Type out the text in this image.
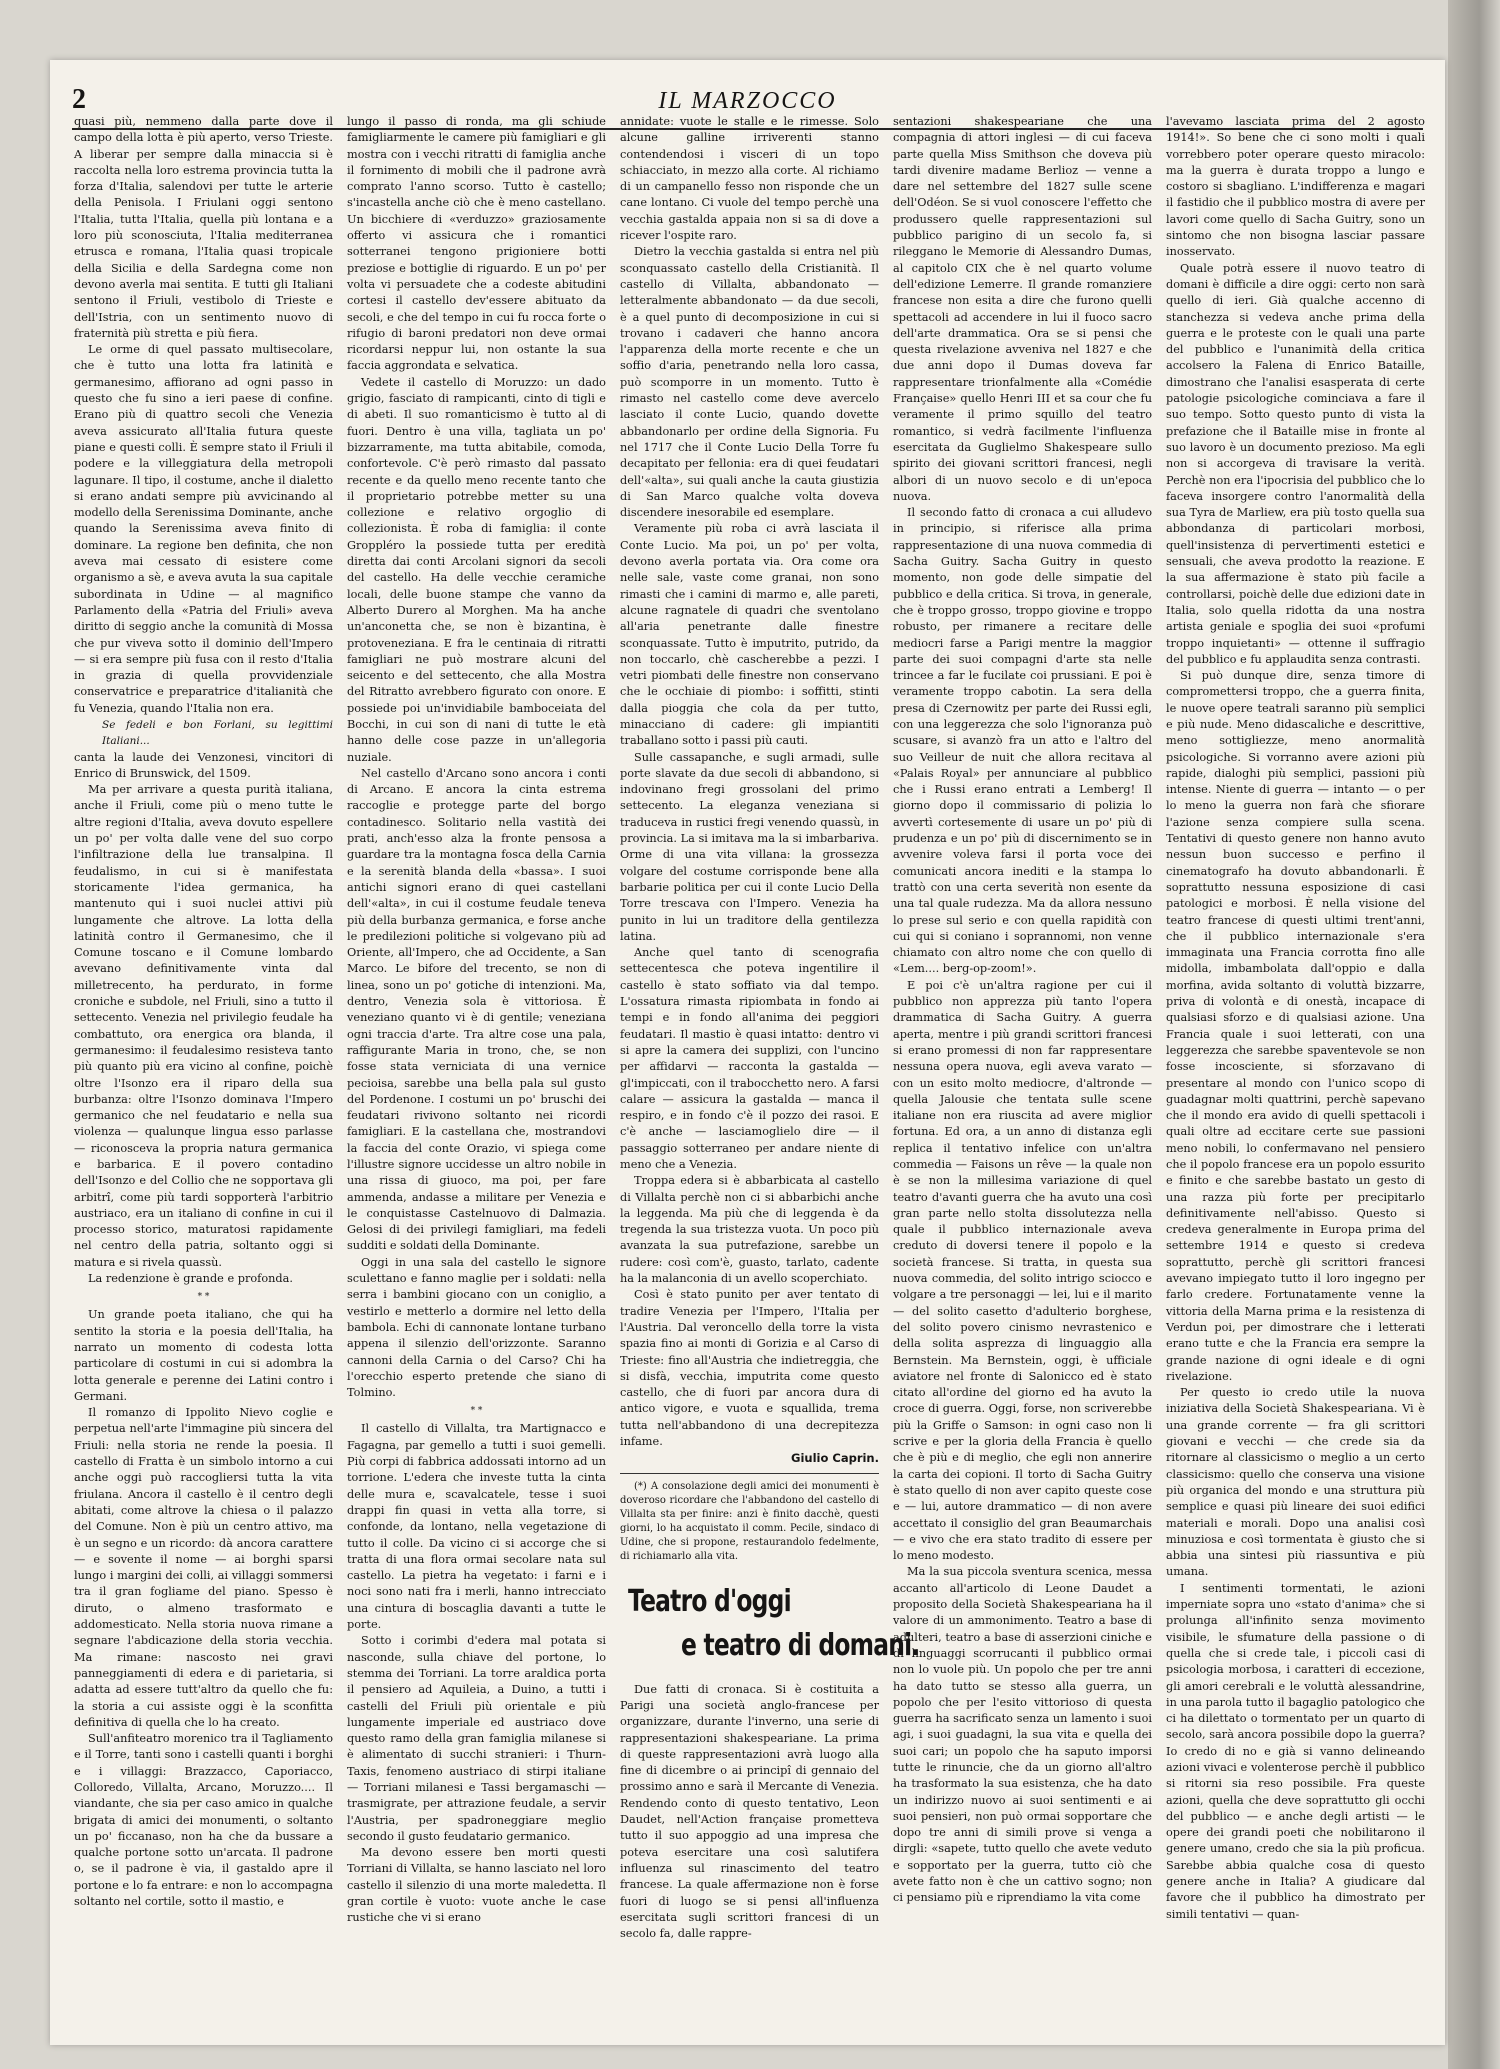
2	IL MARZOCCO

quasi più, nemmeno dalla parte dove il campo della lotta è più aperto, verso Trieste. A liberar per sempre dalla minaccia si è raccolta nella loro estrema provincia tutta la forza d'Italia, salendovi per tutte le arterie della Penisola. I Friulani oggi sentono l'Italia, tutta l'Italia, quella più lontana e a loro più sconosciuta, l'Italia mediterranea etrusca e romana, l'Italia quasi tropicale della Sicilia e della Sardegna come non devono averla mai sentita. E tutti gli Italiani sentono il Friuli, vestibolo di Trieste e dell'Istria, con un sentimento nuovo di fraternità più stretta e più fiera.

Le orme di quel passato multisecolare, che è tutto una lotta fra latinità e germanesimo, affiorano ad ogni passo in questo che fu sino a ieri paese di confine. Erano più di quattro secoli che Venezia aveva assicurato all'Italia futura queste piane e questi colli. È sempre stato il Friuli il podere e la villeggiatura della metropoli lagunare. Il tipo, il costume, anche il dialetto si erano andati sempre più avvicinando al modello della Serenissima Dominante, anche quando la Serenissima aveva finito di dominare. La regione ben definita, che non aveva mai cessato di esistere come organismo a sè, e aveva avuta la sua capitale subordinata in Udine — al magnifico Parlamento della «Patria del Friuli» aveva diritto di seggio anche la comunità di Mossa che pur viveva sotto il dominio dell'Impero — si era sempre più fusa con il resto d'Italia in grazia di quella provvidenziale conservatrice e preparatrice d'italianità che fu Venezia, quando l'Italia non era.

Se fedeli e bon Forlani, su legittimi Italiani...

canta la laude dei Venzonesi, vincitori di Enrico di Brunswick, del 1509.

Ma per arrivare a questa purità italiana, anche il Friuli, come più o meno tutte le altre regioni d'Italia, aveva dovuto espellere un po' per volta dalle vene del suo corpo l'infiltrazione della lue transalpina. Il feudalismo, in cui si è manifestata storicamente l'idea germanica, ha mantenuto qui i suoi nuclei attivi più lungamente che altrove. La lotta della latinità contro il Germanesimo, che il Comune toscano e il Comune lombardo avevano definitivamente vinta dal milletrecento, ha perdurato, in forme croniche e subdole, nel Friuli, sino a tutto il settecento. Venezia nel privilegio feudale ha combattuto, ora energica ora blanda, il germanesimo: il feudalesimo resisteva tanto più quanto più era vicino al confine, poichè oltre l'Isonzo era il riparo della sua burbanza: oltre l'Isonzo dominava l'Impero germanico che nel feudatario e nella sua violenza — qualunque lingua esso parlasse — riconosceva la propria natura germanica e barbarica. E il povero contadino dell'Isonzo e del Collio che ne sopportava gli arbitrî, come più tardi sopporterà l'arbitrio austriaco, era un italiano di confine in cui il processo storico, maturatosi rapidamente nel centro della patria, soltanto oggi si matura e si rivela quassù.

La redenzione è grande e profonda.

* *

Un grande poeta italiano, che qui ha sentito la storia e la poesia dell'Italia, ha narrato un momento di codesta lotta particolare di costumi in cui si adombra la lotta generale e perenne dei Latini contro i Germani.

Il romanzo di Ippolito Nievo coglie e perpetua nell'arte l'immagine più sincera del Friuli: nella storia ne rende la poesia. Il castello di Fratta è un simbolo intorno a cui anche oggi può raccogliersi tutta la vita friulana. Ancora il castello è il centro degli abitati, come altrove la chiesa o il palazzo del Comune. Non è più un centro attivo, ma è un segno e un ricordo: dà ancora carattere — e sovente il nome — ai borghi sparsi lungo i margini dei colli, ai villaggi sommersi tra il gran fogliame del piano. Spesso è diruto, o almeno trasformato e addomesticato. Nella storia nuova rimane a segnare l'abdicazione della storia vecchia. Ma rimane: nascosto nei gravi panneggiamenti di edera e di parietaria, si adatta ad essere tutt'altro da quello che fu: la storia a cui assiste oggi è la sconfitta definitiva di quella che lo ha creato.

Sull'anfiteatro morenico tra il Tagliamento e il Torre, tanti sono i castelli quanti i borghi e i villaggi: Brazzacco, Caporiacco, Colloredo, Villalta, Arcano, Moruzzo.... Il viandante, che sia per caso amico in qualche brigata di amici dei monumenti, o soltanto un po' ficcanaso, non ha che da bussare a qualche portone sotto un'arcata. Il padrone o, se il padrone è via, il gastaldo apre il portone e lo fa entrare: e non lo accompagna soltanto nel cortile, sotto il mastio, e

lungo il passo di ronda, ma gli schiude famigliarmente le camere più famigliari e gli mostra con i vecchi ritratti di famiglia anche il fornimento di mobili che il padrone avrà comprato l'anno scorso. Tutto è castello; s'incastella anche ciò che è meno castellano. Un bicchiere di «verduzzo» graziosamente offerto vi assicura che i romantici sotterranei tengono prigioniere botti preziose e bottiglie di riguardo. E un po' per volta vi persuadete che a codeste abitudini cortesi il castello dev'essere abituato da secoli, e che del tempo in cui fu rocca forte o rifugio di baroni predatori non deve ormai ricordarsi neppur lui, non ostante la sua faccia aggrondata e selvatica.

Vedete il castello di Moruzzo: un dado grigio, fasciato di rampicanti, cinto di tigli e di abeti. Il suo romanticismo è tutto al di fuori. Dentro è una villa, tagliata un po' bizzarramente, ma tutta abitabile, comoda, confortevole. C'è però rimasto dal passato recente e da quello meno recente tanto che il proprietario potrebbe metter su una collezione e relativo orgoglio di collezionista. È roba di famiglia: il conte Groppléro la possiede tutta per eredità diretta dai conti Arcolani signori da secoli del castello. Ha delle vecchie ceramiche locali, delle buone stampe che vanno da Alberto Durero al Morghen. Ma ha anche un'anconetta che, se non è bizantina, è protoveneziana. E fra le centinaia di ritratti famigliari ne può mostrare alcuni del seicento e del settecento, che alla Mostra del Ritratto avrebbero figurato con onore. E possiede poi un'invidiabile bamboceiata del Bocchi, in cui son di nani di tutte le età hanno delle cose pazze in un'allegoria nuziale.

Nel castello d'Arcano sono ancora i conti di Arcano. E ancora la cinta estrema raccoglie e protegge parte del borgo contadinesco. Solitario nella vastità dei prati, anch'esso alza la fronte pensosa a guardare tra la montagna fosca della Carnia e la serenità blanda della «bassa». I suoi antichi signori erano di quei castellani dell'«alta», in cui il costume feudale teneva più della burbanza germanica, e forse anche le predilezioni politiche si volgevano più ad Oriente, all'Impero, che ad Occidente, a San Marco. Le bifore del trecento, se non di linea, sono un po' gotiche di intenzioni. Ma, dentro, Venezia sola è vittoriosa. È veneziano quanto vi è di gentile; veneziana ogni traccia d'arte. Tra altre cose una pala, raffigurante Maria in trono, che, se non fosse stata verniciata di una vernice pecioisa, sarebbe una bella pala sul gusto del Pordenone. I costumi un po' bruschi dei feudatari rivivono soltanto nei ricordi famigliari. E la castellana che, mostrandovi la faccia del conte Orazio, vi spiega come l'illustre signore uccidesse un altro nobile in una rissa di giuoco, ma poi, per fare ammenda, andasse a militare per Venezia e le conquistasse Castelnuovo di Dalmazia. Gelosi di dei privilegi famigliari, ma fedeli sudditi e soldati della Dominante.

Oggi in una sala del castello le signore sculettano e fanno maglie per i soldati: nella serra i bambini giocano con un coniglio, a vestirlo e metterlo a dormire nel letto della bambola. Echi di cannonate lontane turbano appena il silenzio dell'orizzonte. Saranno cannoni della Carnia o del Carso? Chi ha l'orecchio esperto pretende che siano di Tolmino.

* *

Il castello di Villalta, tra Martignacco e Fagagna, par gemello a tutti i suoi gemelli. Più corpi di fabbrica addossati intorno ad un torrione. L'edera che investe tutta la cinta delle mura e, scavalcatele, tesse i suoi drappi fin quasi in vetta alla torre, si confonde, da lontano, nella vegetazione di tutto il colle. Da vicino ci si accorge che si tratta di una flora ormai secolare nata sul castello. La pietra ha vegetato: i farni e i noci sono nati fra i merli, hanno intrecciato una cintura di boscaglia davanti a tutte le porte.

Sotto i corimbi d'edera mal potata si nasconde, sulla chiave del portone, lo stemma dei Torriani. La torre araldica porta il pensiero ad Aquileia, a Duino, a tutti i castelli del Friuli più orientale e più lungamente imperiale ed austriaco dove questo ramo della gran famiglia milanese si è alimentato di succhi stranieri: i Thurn-Taxis, fenomeno austriaco di stirpi italiane — Torriani milanesi e Tassi bergamaschi — trasmigrate, per attrazione feudale, a servir l'Austria, per spadroneggiare meglio secondo il gusto feudatario germanico.

Ma devono essere ben morti questi Torriani di Villalta, se hanno lasciato nel loro castello il silenzio di una morte maledetta. Il gran cortile è vuoto: vuote anche le case rustiche che vi si erano

annidate: vuote le stalle e le rimesse. Solo alcune galline irriverenti stanno contendendosi i visceri di un topo schiacciato, in mezzo alla corte. Al richiamo di un campanello fesso non risponde che un cane lontano. Ci vuole del tempo perchè una vecchia gastalda appaia non si sa di dove a ricever l'ospite raro.

Dietro la vecchia gastalda si entra nel più sconquassato castello della Cristianità. Il castello di Villalta, abbandonato — letteralmente abbandonato — da due secoli, è a quel punto di decomposizione in cui si trovano i cadaveri che hanno ancora l'apparenza della morte recente e che un soffio d'aria, penetrando nella loro cassa, può scomporre in un momento. Tutto è rimasto nel castello come deve avercelo lasciato il conte Lucio, quando dovette abbandonarlo per ordine della Signoria. Fu nel 1717 che il Conte Lucio Della Torre fu decapitato per fellonia: era di quei feudatari dell'«alta», sui quali anche la cauta giustizia di San Marco qualche volta doveva discendere inesorabile ed esemplare.

Veramente più roba ci avrà lasciata il Conte Lucio. Ma poi, un po' per volta, devono averla portata via. Ora come ora nelle sale, vaste come granai, non sono rimasti che i camini di marmo e, alle pareti, alcune ragnatele di quadri che sventolano all'aria penetrante dalle finestre sconquassate. Tutto è imputrito, putrido, da non toccarlo, chè cascherebbe a pezzi. I vetri piombati delle finestre non conservano che le occhiaie di piombo: i soffitti, stinti dalla pioggia che cola da per tutto, minacciano di cadere: gli impiantiti traballano sotto i passi più cauti.

Sulle cassapanche, e sugli armadi, sulle porte slavate da due secoli di abbandono, si indovinano fregi grossolani del primo settecento. La eleganza veneziana si traduceva in rustici fregi venendo quassù, in provincia. La si imitava ma la si imbarbariva. Orme di una vita villana: la grossezza volgare del costume corrisponde bene alla barbarie politica per cui il conte Lucio Della Torre trescava con l'Impero. Venezia ha punito in lui un traditore della gentilezza latina.

Anche quel tanto di scenografia settecentesca che poteva ingentilire il castello è stato soffiato via dal tempo. L'ossatura rimasta ripiombata in fondo ai tempi e in fondo all'anima dei peggiori feudatari. Il mastio è quasi intatto: dentro vi si apre la camera dei supplizi, con l'uncino per affidarvi — racconta la gastalda — gl'impiccati, con il trabocchetto nero. A farsi calare — assicura la gastalda — manca il respiro, e in fondo c'è il pozzo dei rasoi. E c'è anche — lasciamoglielo dire — il passaggio sotterraneo per andare niente di meno che a Venezia.

Troppa edera si è abbarbicata al castello di Villalta perchè non ci si abbarbichi anche la leggenda. Ma più che di leggenda è da tregenda la sua tristezza vuota. Un poco più avanzata la sua putrefazione, sarebbe un rudere: così com'è, guasto, tarlato, cadente ha la malanconia di un avello scoperchiato.

Così è stato punito per aver tentato di tradire Venezia per l'Impero, l'Italia per l'Austria. Dal veroncello della torre la vista spazia fino ai monti di Gorizia e al Carso di Trieste: fino all'Austria che indietreggia, che si disfà, vecchia, imputrita come questo castello, che di fuori par ancora dura di antico vigore, e vuota e squallida, trema tutta nell'abbandono di una decrepitezza infame.

Giulio Caprin.

(*) A consolazione degli amici dei monumenti è doveroso ricordare che l'abbandono del castello di Villalta sta per finire: anzi è finito dacchè, questi giorni, lo ha acquistato il comm. Pecile, sindaco di Udine, che si propone, restaurandolo fedelmente, di richiamarlo alla vita.

Teatro d'oggi
e teatro di domani.

Due fatti di cronaca. Si è costituita a Parigi una società anglo-francese per organizzare, durante l'inverno, una serie di rappresentazioni shakespeariane. La prima di queste rappresentazioni avrà luogo alla fine di dicembre o ai principî di gennaio del prossimo anno e sarà il Mercante di Venezia. Rendendo conto di questo tentativo, Leon Daudet, nell'Action française prometteva tutto il suo appoggio ad una impresa che poteva esercitare una così salutifera influenza sul rinascimento del teatro francese. La quale affermazione non è forse fuori di luogo se si pensi all'influenza esercitata sugli scrittori francesi di un secolo fa, dalle rappre-

sentazioni shakespeariane che una compagnia di attori inglesi — di cui faceva parte quella Miss Smithson che doveva più tardi divenire madame Berlioz — venne a dare nel settembre del 1827 sulle scene dell'Odéon. Se si vuol conoscere l'effetto che produssero quelle rappresentazioni sul pubblico parigino di un secolo fa, si rileggano le Memorie di Alessandro Dumas, al capitolo CIX che è nel quarto volume dell'edizione Lemerre. Il grande romanziere francese non esita a dire che furono quelli spettacoli ad accendere in lui il fuoco sacro dell'arte drammatica. Ora se si pensi che questa rivelazione avveniva nel 1827 e che due anni dopo il Dumas doveva far rappresentare trionfalmente alla «Comédie Française» quello Henri III et sa cour che fu veramente il primo squillo del teatro romantico, si vedrà facilmente l'influenza esercitata da Guglielmo Shakespeare sullo spirito dei giovani scrittori francesi, negli albori di un nuovo secolo e di un'epoca nuova.

Il secondo fatto di cronaca a cui alludevo in principio, si riferisce alla prima rappresentazione di una nuova commedia di Sacha Guitry. Sacha Guitry in questo momento, non gode delle simpatie del pubblico e della critica. Si trova, in generale, che è troppo grosso, troppo giovine e troppo robusto, per rimanere a recitare delle mediocri farse a Parigi mentre la maggior parte dei suoi compagni d'arte sta nelle trincee a far le fucilate coi prussiani. E poi è veramente troppo cabotin. La sera della presa di Czernowitz per parte dei Russi egli, con una leggerezza che solo l'ignoranza può scusare, si avanzò fra un atto e l'altro del suo Veilleur de nuit che allora recitava al «Palais Royal» per annunciare al pubblico che i Russi erano entrati a Lemberg! Il giorno dopo il commissario di polizia lo avvertì cortesemente di usare un po' più di prudenza e un po' più di discernimento se in avvenire voleva farsi il porta voce dei comunicati ancora inediti e la stampa lo trattò con una certa severità non esente da una tal quale rudezza. Ma da allora nessuno lo prese sul serio e con quella rapidità con cui qui si coniano i soprannomi, non venne chiamato con altro nome che con quello di «Lem.... berg-op-zoom!».

E poi c'è un'altra ragione per cui il pubblico non apprezza più tanto l'opera drammatica di Sacha Guitry. A guerra aperta, mentre i più grandi scrittori francesi si erano promessi di non far rappresentare nessuna opera nuova, egli aveva varato — con un esito molto mediocre, d'altronde — quella Jalousie che tentata sulle scene italiane non era riuscita ad avere miglior fortuna. Ed ora, a un anno di distanza egli replica il tentativo infelice con un'altra commedia — Faisons un rêve — la quale non è se non la millesima variazione di quel teatro d'avanti guerra che ha avuto una così gran parte nello stolta dissolutezza nella quale il pubblico internazionale aveva creduto di doversi tenere il popolo e la società francese. Si tratta, in questa sua nuova commedia, del solito intrigo sciocco e volgare a tre personaggi — lei, lui e il marito — del solito casetto d'adulterio borghese, del solito povero cinismo nevrastenico e della solita asprezza di linguaggio alla Bernstein. Ma Bernstein, oggi, è ufficiale aviatore nel fronte di Salonicco ed è stato citato all'ordine del giorno ed ha avuto la croce di guerra. Oggi, forse, non scriverebbe più la Griffe o Samson: in ogni caso non li scrive e per la gloria della Francia è quello che è più e di meglio, che egli non annerire la carta dei copioni. Il torto di Sacha Guitry è stato quello di non aver capito queste cose e — lui, autore drammatico — di non avere accettato il consiglio del gran Beaumarchais — e vivo che era stato tradito di essere per lo meno modesto.

Ma la sua piccola sventura scenica, messa accanto all'articolo di Leone Daudet a proposito della Società Shakespeariana ha il valore di un ammonimento. Teatro a base di adulteri, teatro a base di asserzioni ciniche e di linguaggi scorrucanti il pubblico ormai non lo vuole più. Un popolo che per tre anni ha dato tutto se stesso alla guerra, un popolo che per l'esito vittorioso di questa guerra ha sacrificato senza un lamento i suoi agi, i suoi guadagni, la sua vita e quella dei suoi cari; un popolo che ha saputo imporsi tutte le rinuncie, che da un giorno all'altro ha trasformato la sua esistenza, che ha dato un indirizzo nuovo ai suoi sentimenti e ai suoi pensieri, non può ormai sopportare che dopo tre anni di simili prove si venga a dirgli: «sapete, tutto quello che avete veduto e sopportato per la guerra, tutto ciò che avete fatto non è che un cattivo sogno; non ci pensiamo più e riprendiamo la vita come

l'avevamo lasciata prima del 2 agosto 1914!». So bene che ci sono molti i quali vorrebbero poter operare questo miracolo: ma la guerra è durata troppo a lungo e costoro si sbagliano. L'indifferenza e magari il fastidio che il pubblico mostra di avere per lavori come quello di Sacha Guitry, sono un sintomo che non bisogna lasciar passare inosservato.

Quale potrà essere il nuovo teatro di domani è difficile a dire oggi: certo non sarà quello di ieri. Già qualche accenno di stanchezza si vedeva anche prima della guerra e le proteste con le quali una parte del pubblico e l'unanimità della critica accolsero la Falena di Enrico Bataille, dimostrano che l'analisi esasperata di certe patologie psicologiche cominciava a fare il suo tempo. Sotto questo punto di vista la prefazione che il Bataille mise in fronte al suo lavoro è un documento prezioso. Ma egli non si accorgeva di travisare la verità. Perchè non era l'ipocrisia del pubblico che lo faceva insorgere contro l'anormalità della sua Tyra de Marliew, era più tosto quella sua abbondanza di particolari morbosi, quell'insistenza di pervertimenti estetici e sensuali, che aveva prodotto la reazione. E la sua affermazione è stato più facile a controllarsi, poichè delle due edizioni date in Italia, solo quella ridotta da una nostra artista geniale e spoglia dei suoi «profumi troppo inquietanti» — ottenne il suffragio del pubblico e fu applaudita senza contrasti.

Si può dunque dire, senza timore di compromettersi troppo, che a guerra finita, le nuove opere teatrali saranno più semplici e più nude. Meno didascaliche e descrittive, meno sottigliezze, meno anormalità psicologiche. Si vorranno avere azioni più rapide, dialoghi più semplici, passioni più intense. Niente di guerra — intanto — o per lo meno la guerra non farà che sfiorare l'azione senza compiere sulla scena. Tentativi di questo genere non hanno avuto nessun buon successo e perfino il cinematografo ha dovuto abbandonarli. È soprattutto nessuna esposizione di casi patologici e morbosi. È nella visione del teatro francese di questi ultimi trent'anni, che il pubblico internazionale s'era immaginata una Francia corrotta fino alle midolla, imbambolata dall'oppio e dalla morfina, avida soltanto di voluttà bizzarre, priva di volontà e di onestà, incapace di qualsiasi sforzo e di qualsiasi azione. Una Francia quale i suoi letterati, con una leggerezza che sarebbe spaventevole se non fosse incosciente, si sforzavano di presentare al mondo con l'unico scopo di guadagnar molti quattrini, perchè sapevano che il mondo era avido di quelli spettacoli i quali oltre ad eccitare certe sue passioni meno nobili, lo confermavano nel pensiero che il popolo francese era un popolo essurito e finito e che sarebbe bastato un gesto di una razza più forte per precipitarlo definitivamente nell'abisso. Questo si credeva generalmente in Europa prima del settembre 1914 e questo si credeva soprattutto, perchè gli scrittori francesi avevano impiegato tutto il loro ingegno per farlo credere. Fortunatamente venne la vittoria della Marna prima e la resistenza di Verdun poi, per dimostrare che i letterati erano tutte e che la Francia era sempre la grande nazione di ogni ideale e di ogni rivelazione.

Per questo io credo utile la nuova iniziativa della Società Shakespeariana. Vi è una grande corrente — fra gli scrittori giovani e vecchi — che crede sia da ritornare al classicismo o meglio a un certo classicismo: quello che conserva una visione più organica del mondo e una struttura più semplice e quasi più lineare dei suoi edifici materiali e morali. Dopo una analisi così minuziosa e così tormentata è giusto che si abbia una sintesi più riassuntiva e più umana.

I sentimenti tormentati, le azioni imperniate sopra uno «stato d'anima» che si prolunga all'infinito senza movimento visibile, le sfumature della passione o di quella che si crede tale, i piccoli casi di psicologia morbosa, i caratteri di eccezione, gli amori cerebrali e le voluttà alessandrine, in una parola tutto il bagaglio patologico che ci ha dilettato o tormentato per un quarto di secolo, sarà ancora possibile dopo la guerra? Io credo di no e già si vanno delineando azioni vivaci e volenterose perchè il pubblico si ritorni sia reso possibile. Fra queste azioni, quella che deve soprattutto gli occhi del pubblico — e anche degli artisti — le opere dei grandi poeti che nobilitarono il genere umano, credo che sia la più proficua. Sarebbe abbia qualche cosa di questo genere anche in Italia? A giudicare dal favore che il pubblico ha dimostrato per simili tentativi — quan-
